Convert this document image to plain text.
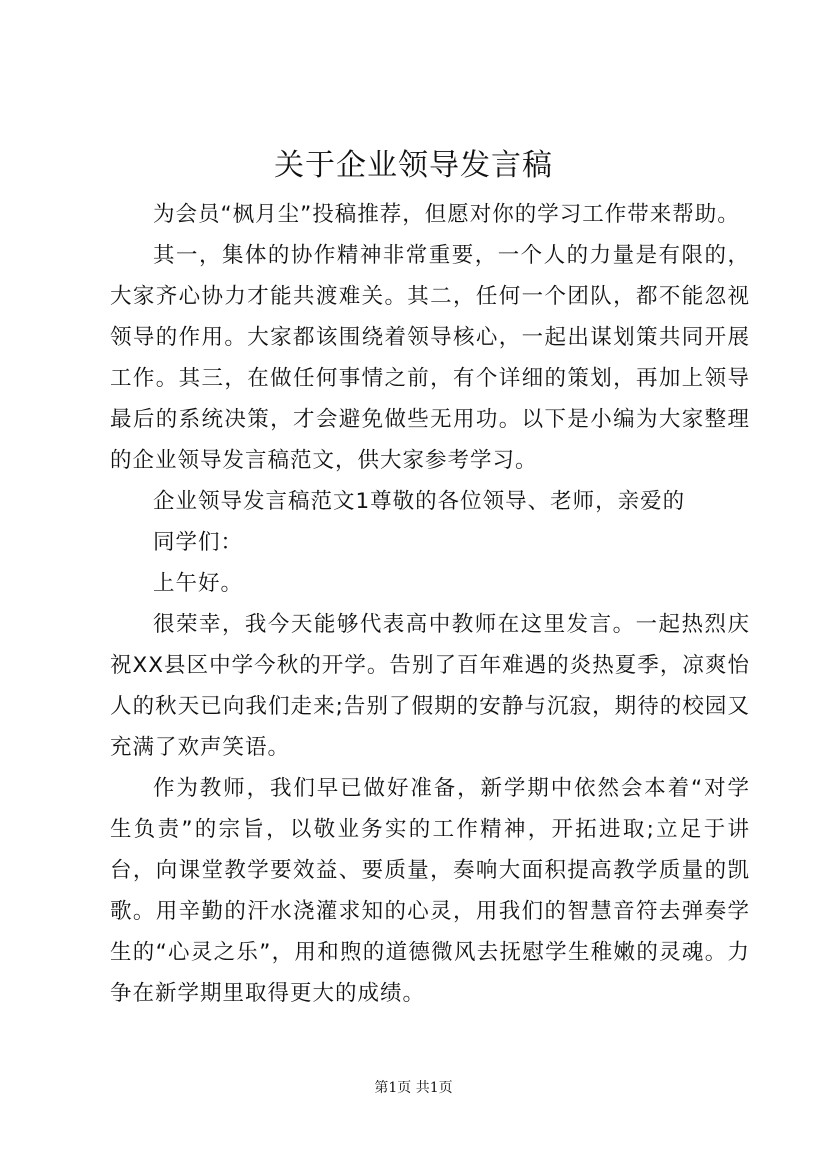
关于企业领导发言稿

为会员“枫月尘”投稿推荐，但愿对你的学习工作带来帮助。

其一，集体的协作精神非常重要，一个人的力量是有限的，大家齐心协力才能共渡难关。其二，任何一个团队，都不能忽视领导的作用。大家都该围绕着领导核心，一起出谋划策共同开展工作。其三，在做任何事情之前，有个详细的策划，再加上领导最后的系统决策，才会避免做些无用功。以下是小编为大家整理的企业领导发言稿范文，供大家参考学习。

企业领导发言稿范文1尊敬的各位领导、老师，亲爱的

同学们：

上午好。

很荣幸，我今天能够代表高中教师在这里发言。一起热烈庆祝XX县区中学今秋的开学。告别了百年难遇的炎热夏季，凉爽怡人的秋天已向我们走来;告别了假期的安静与沉寂，期待的校园又充满了欢声笑语。

作为教师，我们早已做好准备，新学期中依然会本着“对学生负责”的宗旨，以敬业务实的工作精神，开拓进取;立足于讲台，向课堂教学要效益、要质量，奏响大面积提高教学质量的凯歌。用辛勤的汗水浇灌求知的心灵，用我们的智慧音符去弹奏学生的“心灵之乐”，用和煦的道德微风去抚慰学生稚嫩的灵魂。力争在新学期里取得更大的成绩。

第1页 共1页
